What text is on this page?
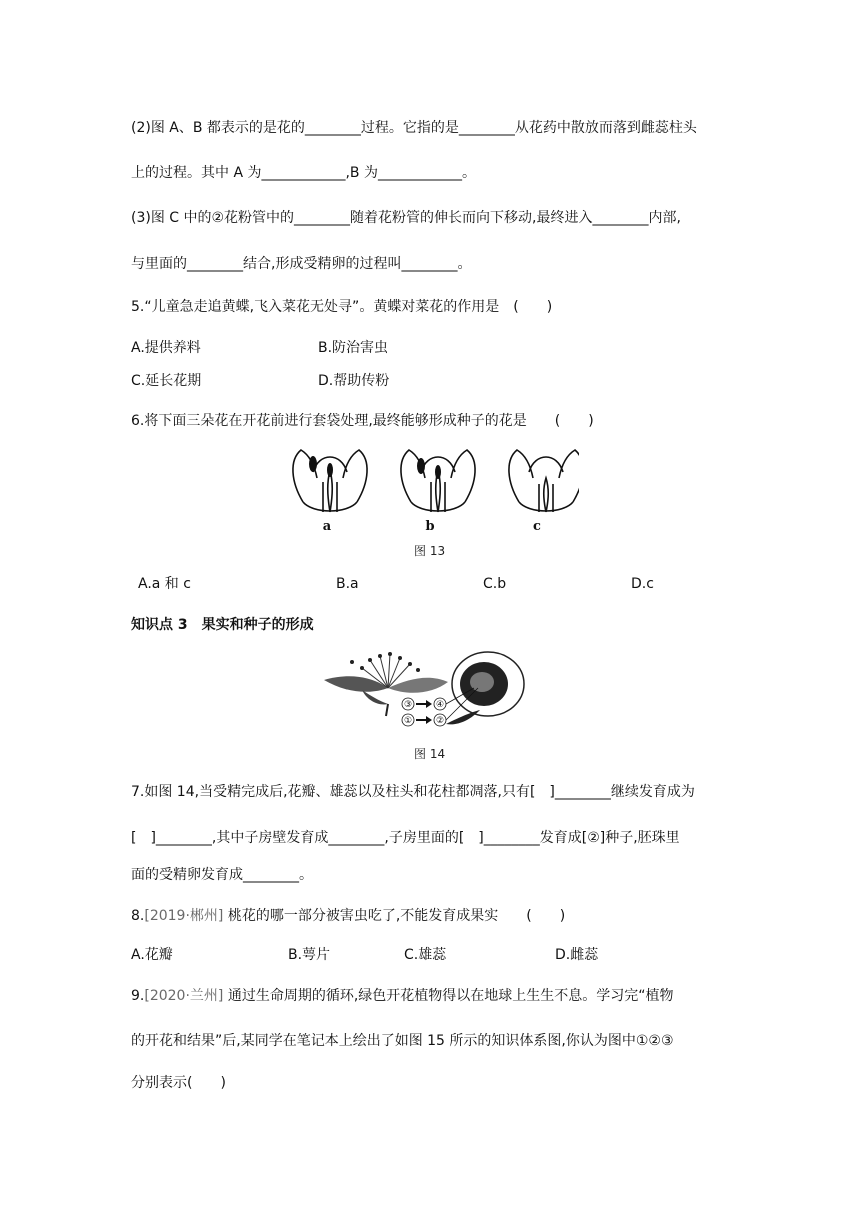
(2)图 A、B 都表示的是花的________过程。它指的是________从花药中散放而落到雌蕊柱头
上的过程。其中 A 为____________,B 为____________。
(3)图 C 中的②花粉管中的________随着花粉管的伸长而向下移动,最终进入________内部,
与里面的________结合,形成受精卵的过程叫________。
5.“儿童急走追黄蝶,飞入菜花无处寻”。黄蝶对菜花的作用是　(　　)
A.提供养料	B.防治害虫
C.延长花期	D.帮助传粉
6.将下面三朵花在开花前进行套袋处理,最终能够形成种子的花是　　(　　)
a	b	c
图 13
A.a 和 c	B.a	C.b	D.c
知识点 3　果实和种子的形成
③	④
①	②
图 14
7.如图 14,当受精完成后,花瓣、雄蕊以及柱头和花柱都凋落,只有[　]________继续发育成为
[　]________,其中子房壁发育成________,子房里面的[　]________发育成[②]种子,胚珠里
面的受精卵发育成________。
8.[2019·郴州] 桃花的哪一部分被害虫吃了,不能发育成果实　　(　　)
A.花瓣	B.萼片	C.雄蕊	D.雌蕊
9.[2020·兰州] 通过生命周期的循环,绿色开花植物得以在地球上生生不息。学习完“植物
的开花和结果”后,某同学在笔记本上绘出了如图 15 所示的知识体系图,你认为图中①②③
分别表示(　　)
